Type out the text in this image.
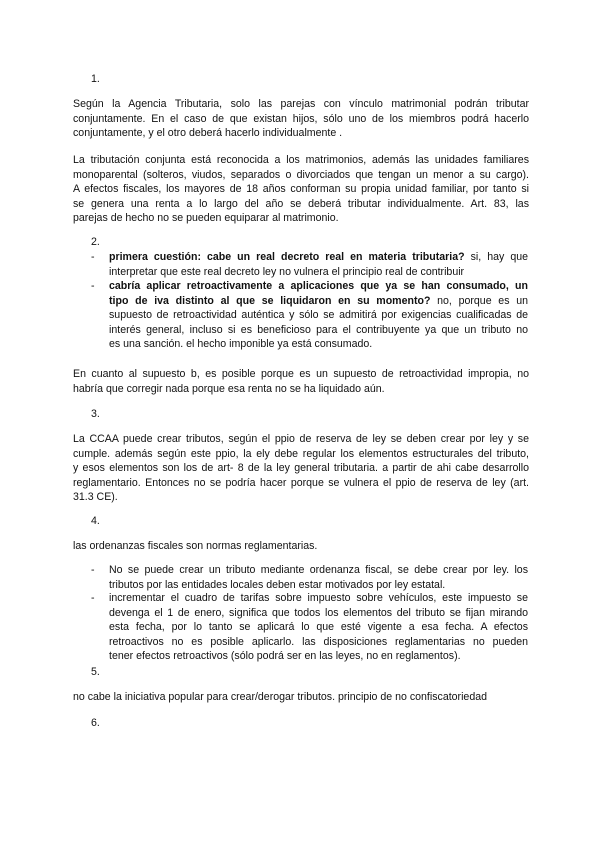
1.
Según la Agencia Tributaria, solo las parejas con vínculo matrimonial podrán tributar
conjuntamente. En el caso de que existan hijos, sólo uno de los miembros podrá hacerlo
conjuntamente, y el otro deberá hacerlo individualmente .
La tributación conjunta está reconocida a los matrimonios, además las unidades familiares
monoparental (solteros, viudos, separados o divorciados que tengan un menor a su cargo).
A efectos fiscales, los mayores de 18 años conforman su propia unidad familiar, por tanto si
se genera una renta a lo largo del año se deberá tributar individualmente. Art. 83, las
parejas de hecho no se pueden equiparar al matrimonio.
2.
- primera cuestión: cabe un real decreto real en materia tributaria? si, hay que
interpretar que este real decreto ley no vulnera el principio real de contribuir
- cabría aplicar retroactivamente a aplicaciones que ya se han consumado, un
tipo de iva distinto al que se liquidaron en su momento? no, porque es un
supuesto de retroactividad auténtica y sólo se admitirá por exigencias cualificadas de
interés general, incluso si es beneficioso para el contribuyente ya que un tributo no
es una sanción. el hecho imponible ya está consumado.
En cuanto al supuesto b, es posible porque es un supuesto de retroactividad impropia, no
habría que corregir nada porque esa renta no se ha liquidado aún.
3.
La CCAA puede crear tributos, según el ppio de reserva de ley se deben crear por ley y se
cumple. además según este ppio, la ely debe regular los elementos estructurales del tributo,
y esos elementos son los de art- 8 de la ley general tributaria. a partir de ahi cabe desarrollo
reglamentario. Entonces no se podría hacer porque se vulnera el ppio de reserva de ley (art.
31.3 CE).
4.
las ordenanzas fiscales son normas reglamentarias.
- No se puede crear un tributo mediante ordenanza fiscal, se debe crear por ley. los
tributos por las entidades locales deben estar motivados por ley estatal.
- incrementar el cuadro de tarifas sobre impuesto sobre vehículos, este impuesto se
devenga el 1 de enero, significa que todos los elementos del tributo se fijan mirando
esta fecha, por lo tanto se aplicará lo que esté vigente a esa fecha. A efectos
retroactivos no es posible aplicarlo. las disposiciones reglamentarias no pueden
tener efectos retroactivos (sólo podrá ser en las leyes, no en reglamentos).
5.
no cabe la iniciativa popular para crear/derogar tributos. principio de no confiscatoriedad
6.
